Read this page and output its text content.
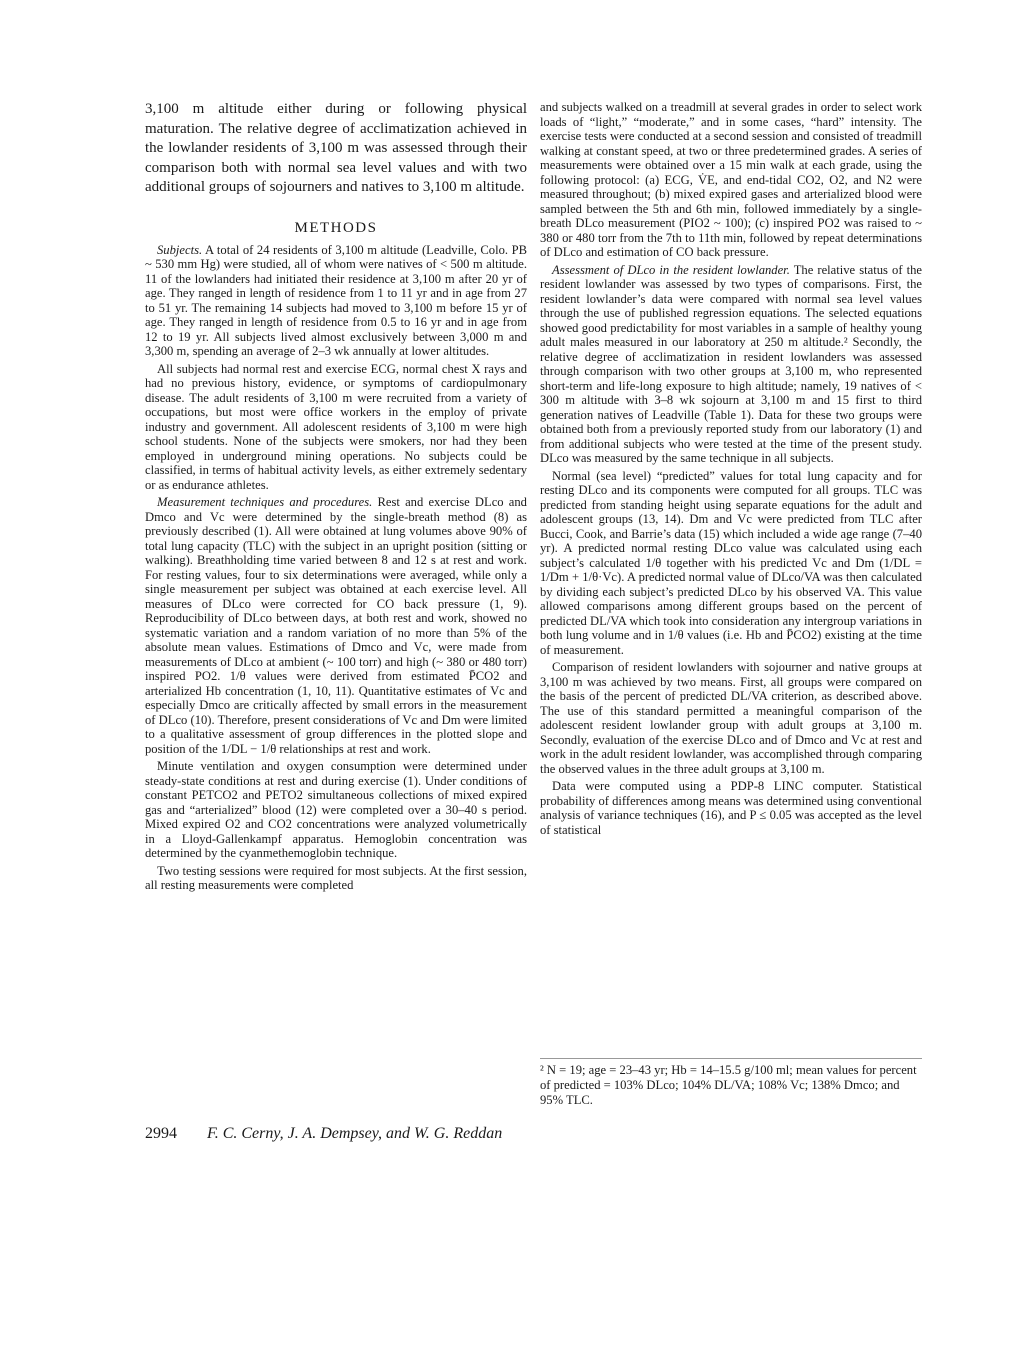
3,100 m altitude either during or following physical maturation. The relative degree of acclimatization achieved in the lowlander residents of 3,100 m was assessed through their comparison both with normal sea level values and with two additional groups of sojourners and natives to 3,100 m altitude.

METHODS

Subjects. A total of 24 residents of 3,100 m altitude (Leadville, Colo. PB ~ 530 mm Hg) were studied, all of whom were natives of < 500 m altitude. 11 of the lowlanders had initiated their residence at 3,100 m after 20 yr of age. They ranged in length of residence from 1 to 11 yr and in age from 27 to 51 yr. The remaining 14 subjects had moved to 3,100 m before 15 yr of age. They ranged in length of residence from 0.5 to 16 yr and in age from 12 to 19 yr. All subjects lived almost exclusively between 3,000 m and 3,300 m, spending an average of 2–3 wk annually at lower altitudes.

All subjects had normal rest and exercise ECG, normal chest X rays and had no previous history, evidence, or symptoms of cardiopulmonary disease. The adult residents of 3,100 m were recruited from a variety of occupations, but most were office workers in the employ of private industry and government. All adolescent residents of 3,100 m were high school students. None of the subjects were smokers, nor had they been employed in underground mining operations. No subjects could be classified, in terms of habitual activity levels, as either extremely sedentary or as endurance athletes.

Measurement techniques and procedures. Rest and exercise DLco and Dmco and Vc were determined by the single-breath method (8) as previously described (1). All were obtained at lung volumes above 90% of total lung capacity (TLC) with the subject in an upright position (sitting or walking). Breathholding time varied between 8 and 12 s at rest and work. For resting values, four to six determinations were averaged, while only a single measurement per subject was obtained at each exercise level. All measures of DLco were corrected for CO back pressure (1, 9). Reproducibility of DLco between days, at both rest and work, showed no systematic variation and a random variation of no more than 5% of the absolute mean values. Estimations of Dmco and Vc, were made from measurements of DLco at ambient (~ 100 torr) and high (~ 380 or 480 torr) inspired PO2. 1/θ values were derived from estimated P̄CO2 and arterialized Hb concentration (1, 10, 11). Quantitative estimates of Vc and especially Dmco are critically affected by small errors in the measurement of DLco (10). Therefore, present considerations of Vc and Dm were limited to a qualitative assessment of group differences in the plotted slope and position of the 1/DL − 1/θ relationships at rest and work.

Minute ventilation and oxygen consumption were determined under steady-state conditions at rest and during exercise (1). Under conditions of constant PETCO2 and PETO2 simultaneous collections of mixed expired gas and “arterialized” blood (12) were completed over a 30–40 s period. Mixed expired O2 and CO2 concentrations were analyzed volumetrically in a Lloyd-Gallenkampf apparatus. Hemoglobin concentration was determined by the cyanmethemoglobin technique.

Two testing sessions were required for most subjects. At the first session, all resting measurements were completed

and subjects walked on a treadmill at several grades in order to select work loads of “light,” “moderate,” and in some cases, “hard” intensity. The exercise tests were conducted at a second session and consisted of treadmill walking at constant speed, at two or three predetermined grades. A series of measurements were obtained over a 15 min walk at each grade, using the following protocol: (a) ECG, V̇E, and end-tidal CO2, O2, and N2 were measured throughout; (b) mixed expired gases and arterialized blood were sampled between the 5th and 6th min, followed immediately by a single-breath DLco measurement (PIO2 ~ 100); (c) inspired PO2 was raised to ~ 380 or 480 torr from the 7th to 11th min, followed by repeat determinations of DLco and estimation of CO back pressure.

Assessment of DLco in the resident lowlander. The relative status of the resident lowlander was assessed by two types of comparisons. First, the resident lowlander’s data were compared with normal sea level values through the use of published regression equations. The selected equations showed good predictability for most variables in a sample of healthy young adult males measured in our laboratory at 250 m altitude.² Secondly, the relative degree of acclimatization in resident lowlanders was assessed through comparison with two other groups at 3,100 m, who represented short-term and life-long exposure to high altitude; namely, 19 natives of < 300 m altitude with 3–8 wk sojourn at 3,100 m and 15 first to third generation natives of Leadville (Table 1). Data for these two groups were obtained both from a previously reported study from our laboratory (1) and from additional subjects who were tested at the time of the present study. DLco was measured by the same technique in all subjects.

Normal (sea level) “predicted” values for total lung capacity and for resting DLco and its components were computed for all groups. TLC was predicted from standing height using separate equations for the adult and adolescent groups (13, 14). Dm and Vc were predicted from TLC after Bucci, Cook, and Barrie’s data (15) which included a wide age range (7–40 yr). A predicted normal resting DLco value was calculated using each subject’s calculated 1/θ together with his predicted Vc and Dm (1/DL = 1/Dm + 1/θ·Vc). A predicted normal value of DLco/VA was then calculated by dividing each subject’s predicted DLco by his observed VA. This value allowed comparisons among different groups based on the percent of predicted DL/VA which took into consideration any intergroup variations in both lung volume and in 1/θ values (i.e. Hb and P̄CO2) existing at the time of measurement.

Comparison of resident lowlanders with sojourner and native groups at 3,100 m was achieved by two means. First, all groups were compared on the basis of the percent of predicted DL/VA criterion, as described above. The use of this standard permitted a meaningful comparison of the adolescent resident lowlander group with adult groups at 3,100 m. Secondly, evaluation of the exercise DLco and of Dmco and Vc at rest and work in the adult resident lowlander, was accomplished through comparing the observed values in the three adult groups at 3,100 m.

Data were computed using a PDP-8 LINC computer. Statistical probability of differences among means was determined using conventional analysis of variance techniques (16), and P ≤ 0.05 was accepted as the level of statistical

² N = 19; age = 23–43 yr; Hb = 14–15.5 g/100 ml; mean values for percent of predicted = 103% DLco; 104% DL/VA; 108% Vc; 138% Dmco; and 95% TLC.
2994 F. C. Cerny, J. A. Dempsey, and W. G. Reddan
